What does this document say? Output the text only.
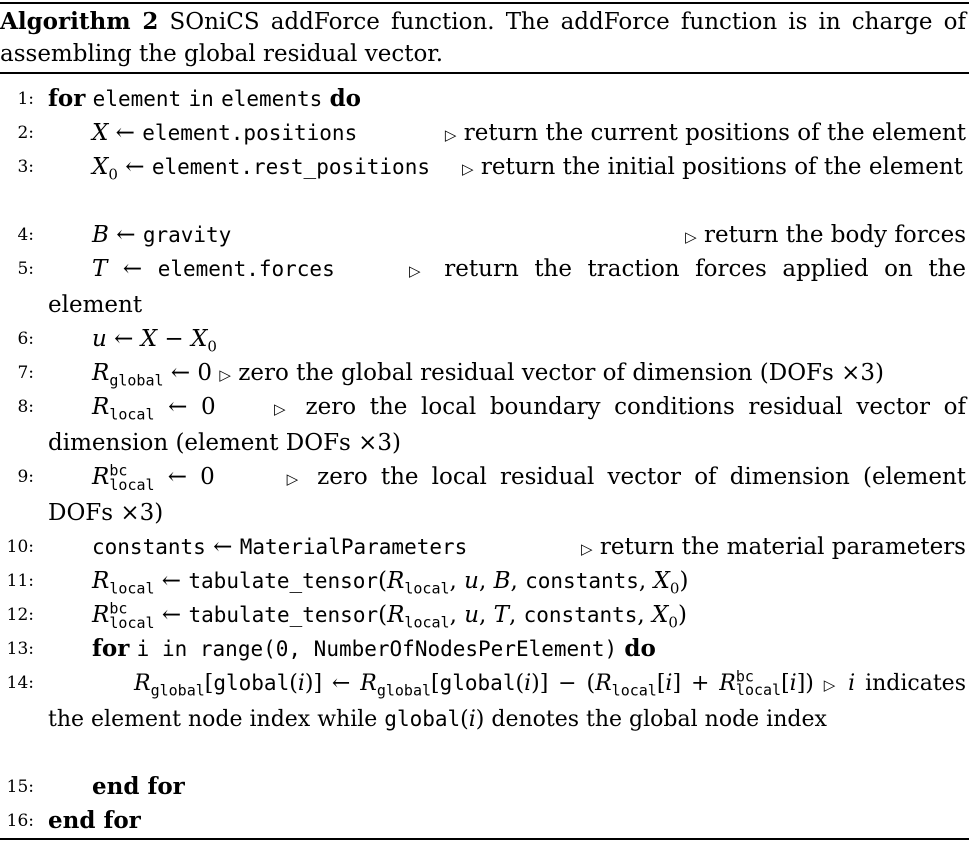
Algorithm 2 SOniCS addForce function. The addForce function is in charge of assembling the global residual vector.
1: for element in elements do
2:	X ← element.positions	▷ return the current positions of the element
3:	$X_0$ ← element.rest_positions ▷ return the initial positions of the element
4:	B ← gravity	▷ return the body forces
5:	T ← element.forces	▷ return the traction forces applied on the element
6:	u ← $X - X_0$
7:	$R_{global}$ ← 0 ▷ zero the global residual vector of dimension (DOFs ×3)
8:	$R_{local}$ ← 0	▷ zero the local boundary conditions residual vector of dimension (element DOFs ×3)
9:	$R^{bc}_{local}$ ← 0	▷ zero the local residual vector of dimension (element DOFs ×3)
10:	constants ← MaterialParameters	▷ return the material parameters
11:	$R_{local}$ ← $tabulate\_tensor(R_{local}$, u, B, constants, $X_0$)
12:	$R^{bc}_{local}$ ← $tabulate\_tensor(R_{local}$, u, T, constants, $X_0$)
13:	for i in range(0, NumberOfNodesPerElement) do
14:	$R_{global}[global(i)]$ ← $R_{global}[global(i)] - (R_{local}[i] + R^{bc}_{local}[i])$ ▷ i indicates the element node index while global(i) denotes the global node index
15:	end for
16: end for
